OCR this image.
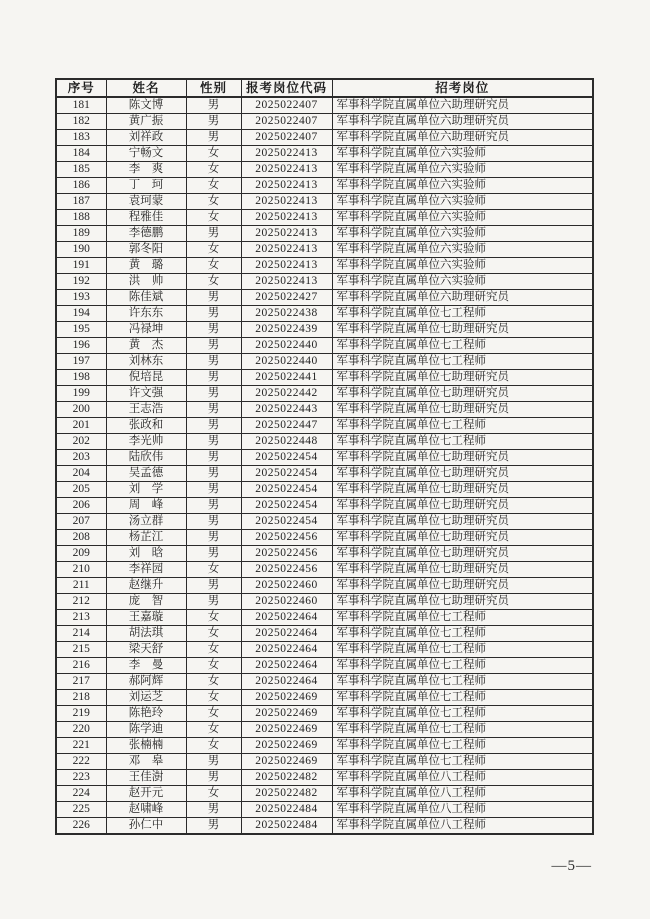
序号	姓名	性别	报考岗位代码	招考岗位
181	陈文博	男	2025022407	军事科学院直属单位六助理研究员
182	黄广振	男	2025022407	军事科学院直属单位六助理研究员
183	刘祥政	男	2025022407	军事科学院直属单位六助理研究员
184	宁畅文	女	2025022413	军事科学院直属单位六实验师
185	李　爽	女	2025022413	军事科学院直属单位六实验师
186	丁　珂	女	2025022413	军事科学院直属单位六实验师
187	袁珂蒙	女	2025022413	军事科学院直属单位六实验师
188	程雅佳	女	2025022413	军事科学院直属单位六实验师
189	李德鹏	男	2025022413	军事科学院直属单位六实验师
190	郭冬阳	女	2025022413	军事科学院直属单位六实验师
191	黄　璐	女	2025022413	军事科学院直属单位六实验师
192	洪　帅	女	2025022413	军事科学院直属单位六实验师
193	陈佳斌	男	2025022427	军事科学院直属单位六助理研究员
194	许东东	男	2025022438	军事科学院直属单位七工程师
195	冯禄坤	男	2025022439	军事科学院直属单位七助理研究员
196	黄　杰	男	2025022440	军事科学院直属单位七工程师
197	刘林东	男	2025022440	军事科学院直属单位七工程师
198	倪培昆	男	2025022441	军事科学院直属单位七助理研究员
199	许文强	男	2025022442	军事科学院直属单位七助理研究员
200	王志浩	男	2025022443	军事科学院直属单位七助理研究员
201	张政和	男	2025022447	军事科学院直属单位七工程师
202	李光帅	男	2025022448	军事科学院直属单位七工程师
203	陆欣伟	男	2025022454	军事科学院直属单位七助理研究员
204	吴孟德	男	2025022454	军事科学院直属单位七助理研究员
205	刘　学	男	2025022454	军事科学院直属单位七助理研究员
206	周　峰	男	2025022454	军事科学院直属单位七助理研究员
207	汤立群	男	2025022454	军事科学院直属单位七助理研究员
208	杨芷江	男	2025022456	军事科学院直属单位七助理研究员
209	刘　晗	男	2025022456	军事科学院直属单位七助理研究员
210	李祥园	女	2025022456	军事科学院直属单位七助理研究员
211	赵继升	男	2025022460	军事科学院直属单位七助理研究员
212	庞　智	男	2025022460	军事科学院直属单位七助理研究员
213	王嘉璇	女	2025022464	军事科学院直属单位七工程师
214	胡法琪	女	2025022464	军事科学院直属单位七工程师
215	梁天舒	女	2025022464	军事科学院直属单位七工程师
216	李　曼	女	2025022464	军事科学院直属单位七工程师
217	郝阿辉	女	2025022464	军事科学院直属单位七工程师
218	刘运芝	女	2025022469	军事科学院直属单位七工程师
219	陈艳玲	女	2025022469	军事科学院直属单位七工程师
220	陈学迪	女	2025022469	军事科学院直属单位七工程师
221	张楠楠	女	2025022469	军事科学院直属单位七工程师
222	邓　皋	男	2025022469	军事科学院直属单位七工程师
223	王佳澍	男	2025022482	军事科学院直属单位八工程师
224	赵开元	女	2025022482	军事科学院直属单位八工程师
225	赵啸峰	男	2025022484	军事科学院直属单位八工程师
226	孙仁中	男	2025022484	军事科学院直属单位八工程师
—5—
